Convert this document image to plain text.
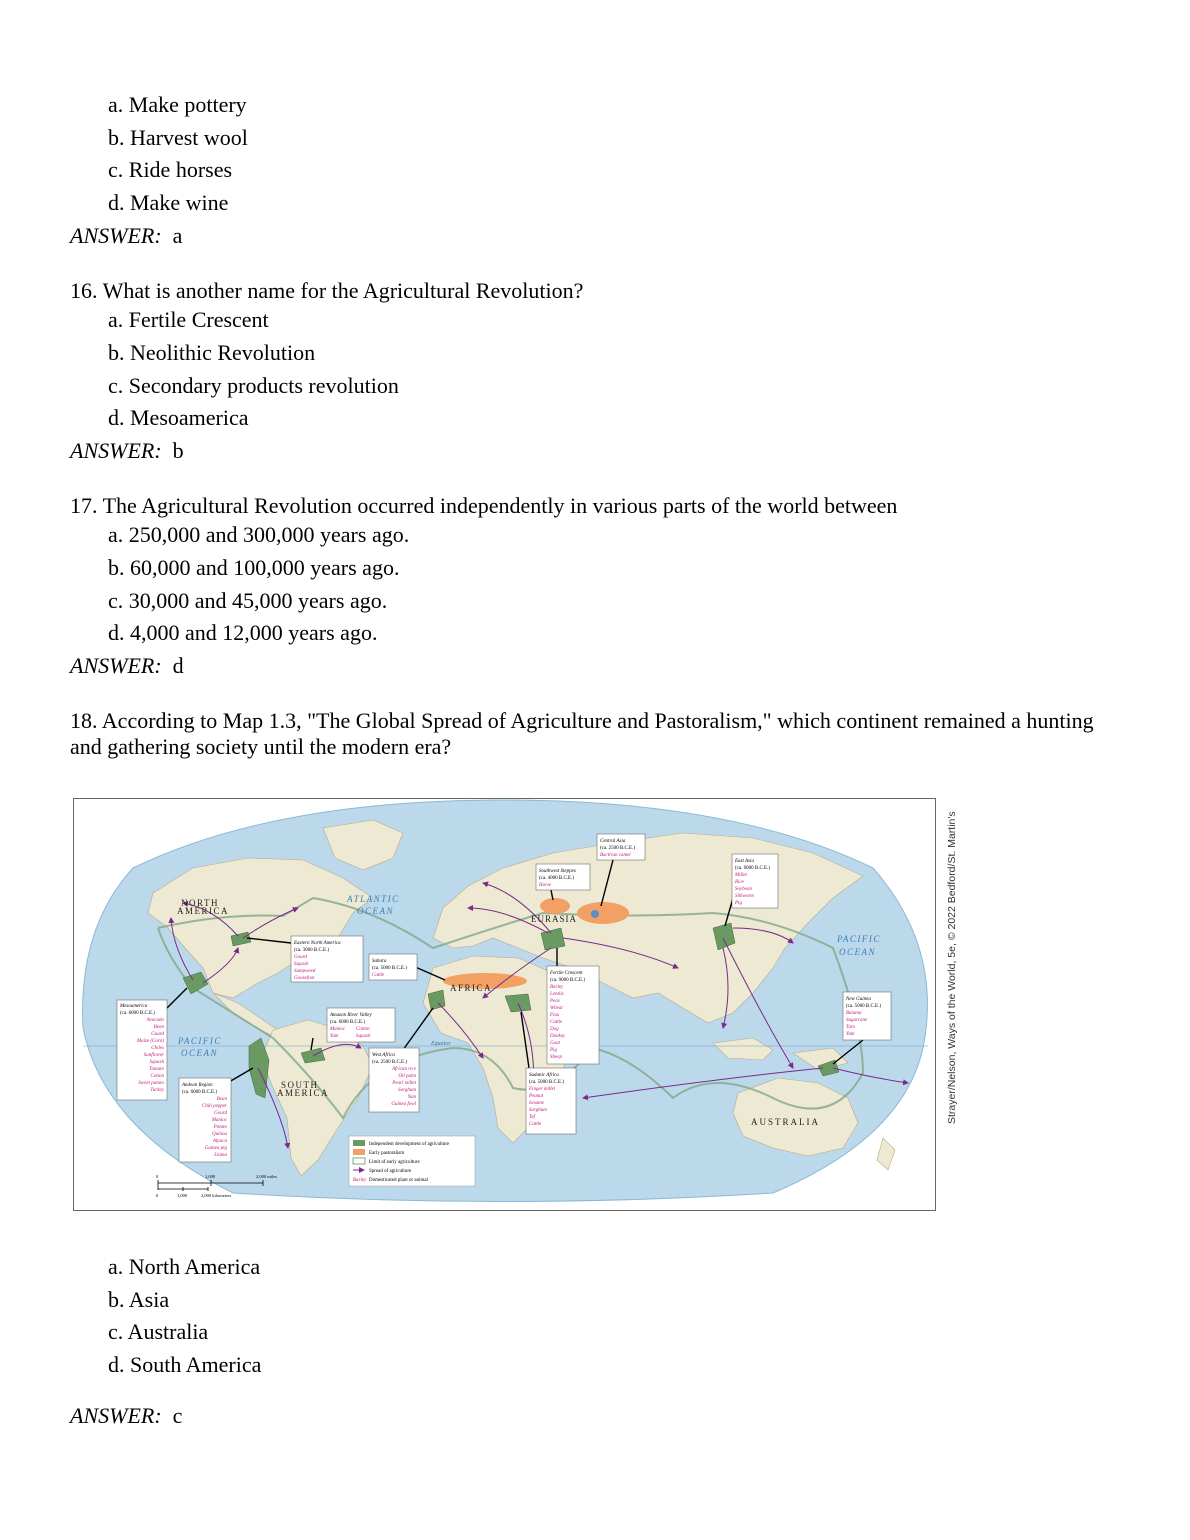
a. Make pottery
b. Harvest wool
c. Ride horses
d. Make wine
ANSWER: a
16. What is another name for the Agricultural Revolution?
a. Fertile Crescent
b. Neolithic Revolution
c. Secondary products revolution
d. Mesoamerica
ANSWER: b
17. The Agricultural Revolution occurred independently in various parts of the world between
a. 250,000 and 300,000 years ago.
b. 60,000 and 100,000 years ago.
c. 30,000 and 45,000 years ago.
d. 4,000 and 12,000 years ago.
ANSWER: d
18. According to Map 1.3, "The Global Spread of Agriculture and Pastoralism," which continent remained a hunting and gathering society until the modern era?
Equator
NORTH
AMERICA
SOUTH
AMERICA
AFRICA
EURASIA
AUSTRALIA
ATLANTIC
OCEAN
PACIFIC
OCEAN
PACIFIC
OCEAN
Central Asia
(ca. 2500 B.C.E.)
Bactrian camel
Southwest Steppes
(ca. 4000 B.C.E.)
Horse
East Asia
(ca. 6000 B.C.E.)
Millet
Rice
Soybean
Silkworm
Pig
Eastern North America
(ca. 3000 B.C.E.)
Gourd
Squash
Sumpweed
Goosefoot
Sahara
(ca. 5000 B.C.E.)
Cattle	Fertile Crescent
(ca. 9000 B.C.E.)
Barley
Lentils
Peas
Wheat
Flax
Cattle
Dog
Donkey
Goat
Pig
Sheep
New Guinea
(ca. 5000 B.C.E.)
Banana
Sugarcane
Taro
Yam
Mesoamerica
(ca. 6000 B.C.E.)
Avocado
Bean
Gourd
Maize (Corn)
Chiles
Sunflower
Squash
Tomato
Cotton
Sweet potato
Turkey
Amazon River Valley
(ca. 6000 B.C.E.)
Manioc Cotton
Yam	Squash
West Africa
(ca. 2500 B.C.E.)
African rice
Oil palm
Pearl millet
Sorghum
Yam
Guinea fowl
Sudanic Africa
(ca. 5000 B.C.E.)
Finger millet
Peanut
Sesame
Sorghum
Tef
Cattle
Andean Region
(ca. 6000 B.C.E.)
Bean
Chili pepper
Gourd
Manioc
Potato
Quinoa
Alpaca
Guinea pig
Llama
Independent development of agriculture
Early pastoralism
Limit of early agriculture
Spread of agriculture
Barley Domesticated plant or animal
0	1,000	2,000 miles
0	1,000	2,000 kilometers
Strayer/Nelson, Ways of the World, 5e, © 2022 Bedford/St. Martin's
a. North America
b. Asia
c. Australia
d. South America
ANSWER: c
